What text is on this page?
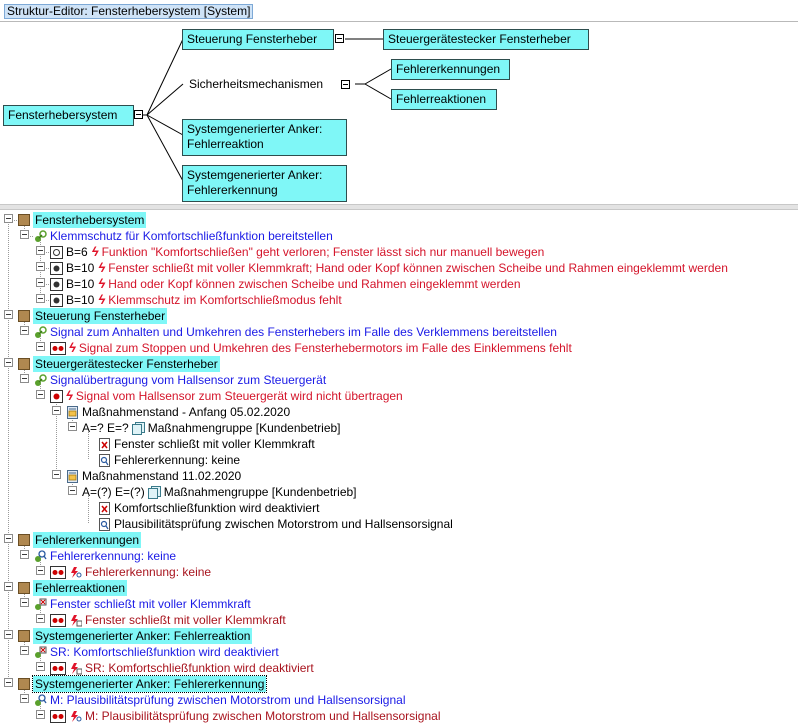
Struktur-Editor: Fensterhebersystem [System]
Fensterhebersystem
Steuerung Fensterheber	Steuergerätestecker Fensterheber
Sicherheitsmechanismen
Fehlererkennungen
Fehlerreaktionen
Systemgenerierter Anker:
Fehlerreaktion
Systemgenerierter Anker:
Fehlererkennung
Fensterhebersystem
Klemmschutz für Komfortschließfunktion bereitstellen
B=6 ϟ Funktion "Komfortschließen" geht verloren; Fenster lässt sich nur manuell bewegen
B=10 ϟ Fenster schließt mit voller Klemmkraft; Hand oder Kopf können zwischen Scheibe und Rahmen eingeklemmt werden
B=10 ϟ Hand oder Kopf können zwischen Scheibe und Rahmen eingeklemmt werden
B=10 ϟ Klemmschutz im Komfortschließmodus fehlt
Steuerung Fensterheber
Signal zum Anhalten und Umkehren des Fensterhebers im Falle des Verklemmens bereitstellen
ϟ Signal zum Stoppen und Umkehren des Fensterhebermotors im Falle des Einklemmens fehlt
Steuergerätestecker Fensterheber
Signalübertragung vom Hallsensor zum Steuergerät
ϟ Signal vom Hallsensor zum Steuergerät wird nicht übertragen
Maßnahmenstand - Anfang 05.02.2020
A=? E=? Maßnahmengruppe [Kundenbetrieb]
Fenster schließt mit voller Klemmkraft
Fehlererkennung: keine
Maßnahmenstand 11.02.2020
A=(?) E=(?) Maßnahmengruppe [Kundenbetrieb]
Komfortschließfunktion wird deaktiviert
Plausibilitätsprüfung zwischen Motorstrom und Hallsensorsignal
Fehlererkennungen
Fehlererkennung: keine
Fehlererkennung: keine
Fehlerreaktionen
Fenster schließt mit voller Klemmkraft
Fenster schließt mit voller Klemmkraft
Systemgenerierter Anker: Fehlerreaktion
SR: Komfortschließfunktion wird deaktiviert
SR: Komfortschließfunktion wird deaktiviert
Systemgenerierter Anker: Fehlererkennung
M: Plausibilitätsprüfung zwischen Motorstrom und Hallsensorsignal
M: Plausibilitätsprüfung zwischen Motorstrom und Hallsensorsignal
